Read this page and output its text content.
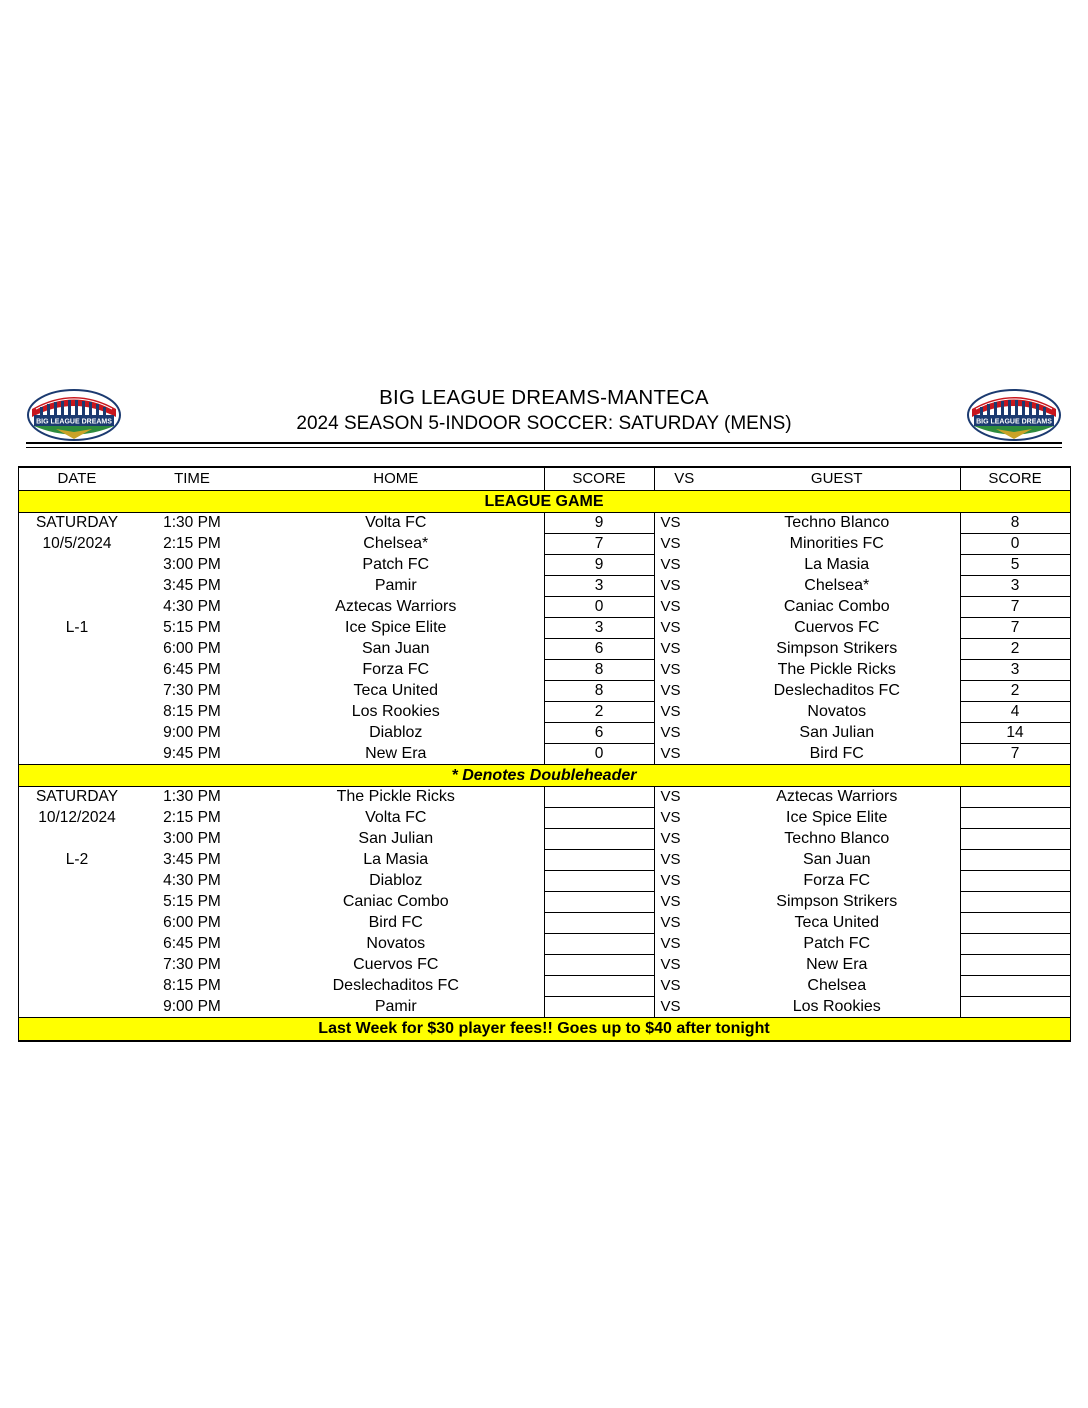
BIG LEAGUE DREAMS
BIG LEAGUE DREAMS-MANTECA
2024 SEASON 5-INDOOR SOCCER: SATURDAY (MENS)	BIG LEAGUE DREAMS
DATE	TIME	HOME	SCORE	VS	GUEST	SCORE
LEAGUE GAME						
SATURDAY	1:30 PM	Volta FC	9	VS	Techno Blanco	8
10/5/2024	2:15 PM	Chelsea*	7	VS	Minorities FC	0
	3:00 PM	Patch FC	9	VS	La Masia	5
	3:45 PM	Pamir	3	VS	Chelsea*	3
	4:30 PM	Aztecas Warriors	0	VS	Caniac Combo	7
L-1	5:15 PM	Ice Spice Elite	3	VS	Cuervos FC	7
	6:00 PM	San Juan	6	VS	Simpson Strikers	2
	6:45 PM	Forza FC	8	VS	The Pickle Ricks	3
	7:30 PM	Teca United	8	VS	Deslechaditos FC	2
	8:15 PM	Los Rookies	2	VS	Novatos	4
	9:00 PM	Diabloz	6	VS	San Julian	14
	9:45 PM	New Era	0	VS	Bird FC	7
* Denotes Doubleheader						
SATURDAY	1:30 PM	The Pickle Ricks		VS	Aztecas Warriors	
10/12/2024	2:15 PM	Volta FC		VS	Ice Spice Elite	
	3:00 PM	San Julian		VS	Techno Blanco	
L-2	3:45 PM	La Masia		VS	San Juan	
	4:30 PM	Diabloz		VS	Forza FC	
	5:15 PM	Caniac Combo		VS	Simpson Strikers	
	6:00 PM	Bird FC		VS	Teca United	
	6:45 PM	Novatos		VS	Patch FC	
	7:30 PM	Cuervos FC		VS	New Era	
	8:15 PM	Deslechaditos FC		VS	Chelsea	
	9:00 PM	Pamir		VS	Los Rookies	
Last Week for $30 player fees!! Goes up to $40 after tonight						
